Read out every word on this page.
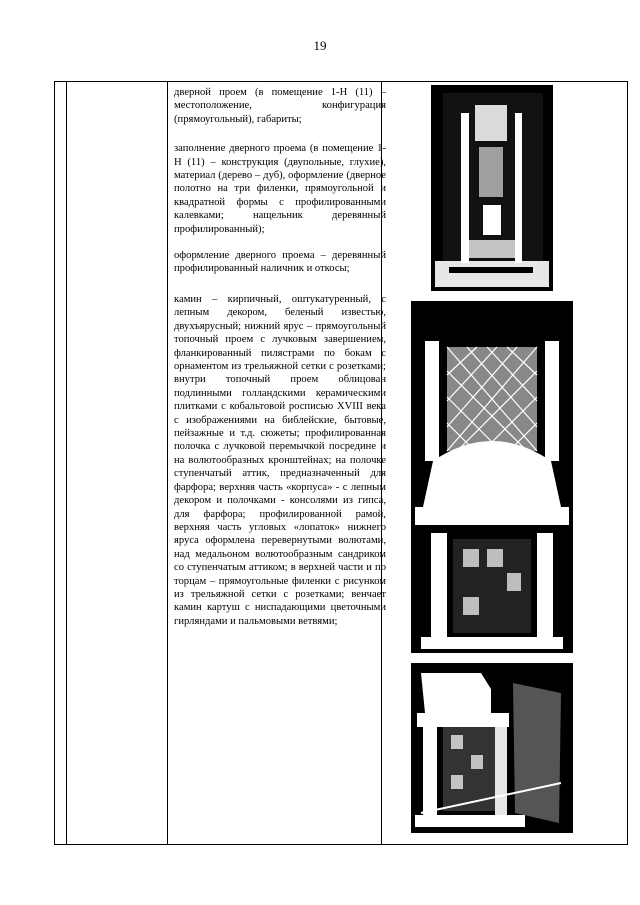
19

дверной проем (в помещение 1-Н (11) – местоположение, конфигурация (прямоугольный), габариты;

заполнение дверного проема (в помещение 1-Н (11) – конструкция (двупольные, глухие), материал (дерево – дуб), оформление (дверное полотно на три филенки, прямоугольной и квадратной формы с профилированными калевками; нащельник деревянный профилированный);

оформление дверного проема – деревянный профилированный наличник и откосы;

камин – кирпичный, оштукатуренный, с лепным декором, беленый известью, двухъярусный; нижний ярус – прямоугольный топочный проем с лучковым завершением, фланкированный пилястрами по бокам с орнаментом из трельяжной сетки с розетками; внутри топочный проем облицован подлинными голландскими керамическими плитками с кобальтовой росписью XVIII века с изображениями на библейские, бытовые, пейзажные и т.д. сюжеты; профилированная полочка с лучковой перемычкой посредине и на волютообразных кронштейнах; на полочке ступенчатый аттик, предназначенный для фарфора; верхняя часть «корпуса» - с лепным декором и полочками - консолями из гипса, для фарфора; профилированной рамой, верхняя часть угловых «лопаток» нижнего яруса оформлена перевернутыми волютами, над медальоном волютообразным сандриком со ступенчатым аттиком; в верхней части и по торцам – прямоугольные филенки с рисунком из трельяжной сетки с розетками; венчает камин картуш с ниспадающими цветочными гирляндами и пальмовыми ветвями;
